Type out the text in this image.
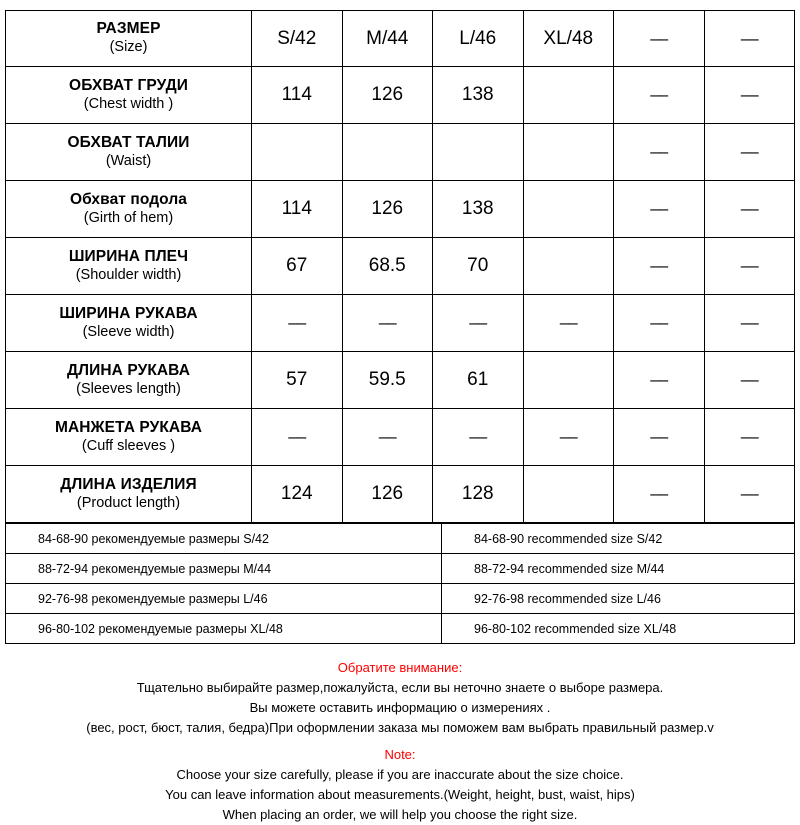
РАЗМЕР
(Size)	S/42	M/44	L/46	XL/48	––	––

ОБХВАТ ГРУДИ
(Chest width )	114	126	138		––	––

ОБХВАТ ТАЛИИ
(Waist)					––	––

Обхват подола
(Girth of hem)	114	126	138		––	––

ШИРИНА ПЛЕЧ
(Shoulder width)	67	68.5	70		––	––

ШИРИНА РУКАВА
(Sleeve width)	––	––	––	––	––	––

ДЛИНА РУКАВА
(Sleeves length)	57	59.5	61		––	––

МАНЖЕТА РУКАВА
(Cuff sleeves )	––	––	––	––	––	––

ДЛИНА ИЗДЕЛИЯ
(Product length)	124	126	128		––	––
84-68-90 рекомендуемые размеры S/42	84-68-90 recommended size S/42
88-72-94 рекомендуемые размеры M/44	88-72-94 recommended size M/44
92-76-98 рекомендуемые размеры L/46	92-76-98 recommended size L/46
96-80-102 рекомендуемые размеры XL/48	96-80-102 recommended size XL/48
Обратите внимание:
Тщательно выбирайте размер,пожалуйста, если вы неточно знаете о выборе размера.
Вы можете оставить информацию о измерениях .
(вес, рост, бюст, талия, бедра)При оформлении заказа мы поможем вам выбрать правильный размер.v
Note:
Choose your size carefully, please if you are inaccurate about the size choice.
You can leave information about measurements.(Weight, height, bust, waist, hips)
When placing an order, we will help you choose the right size.
